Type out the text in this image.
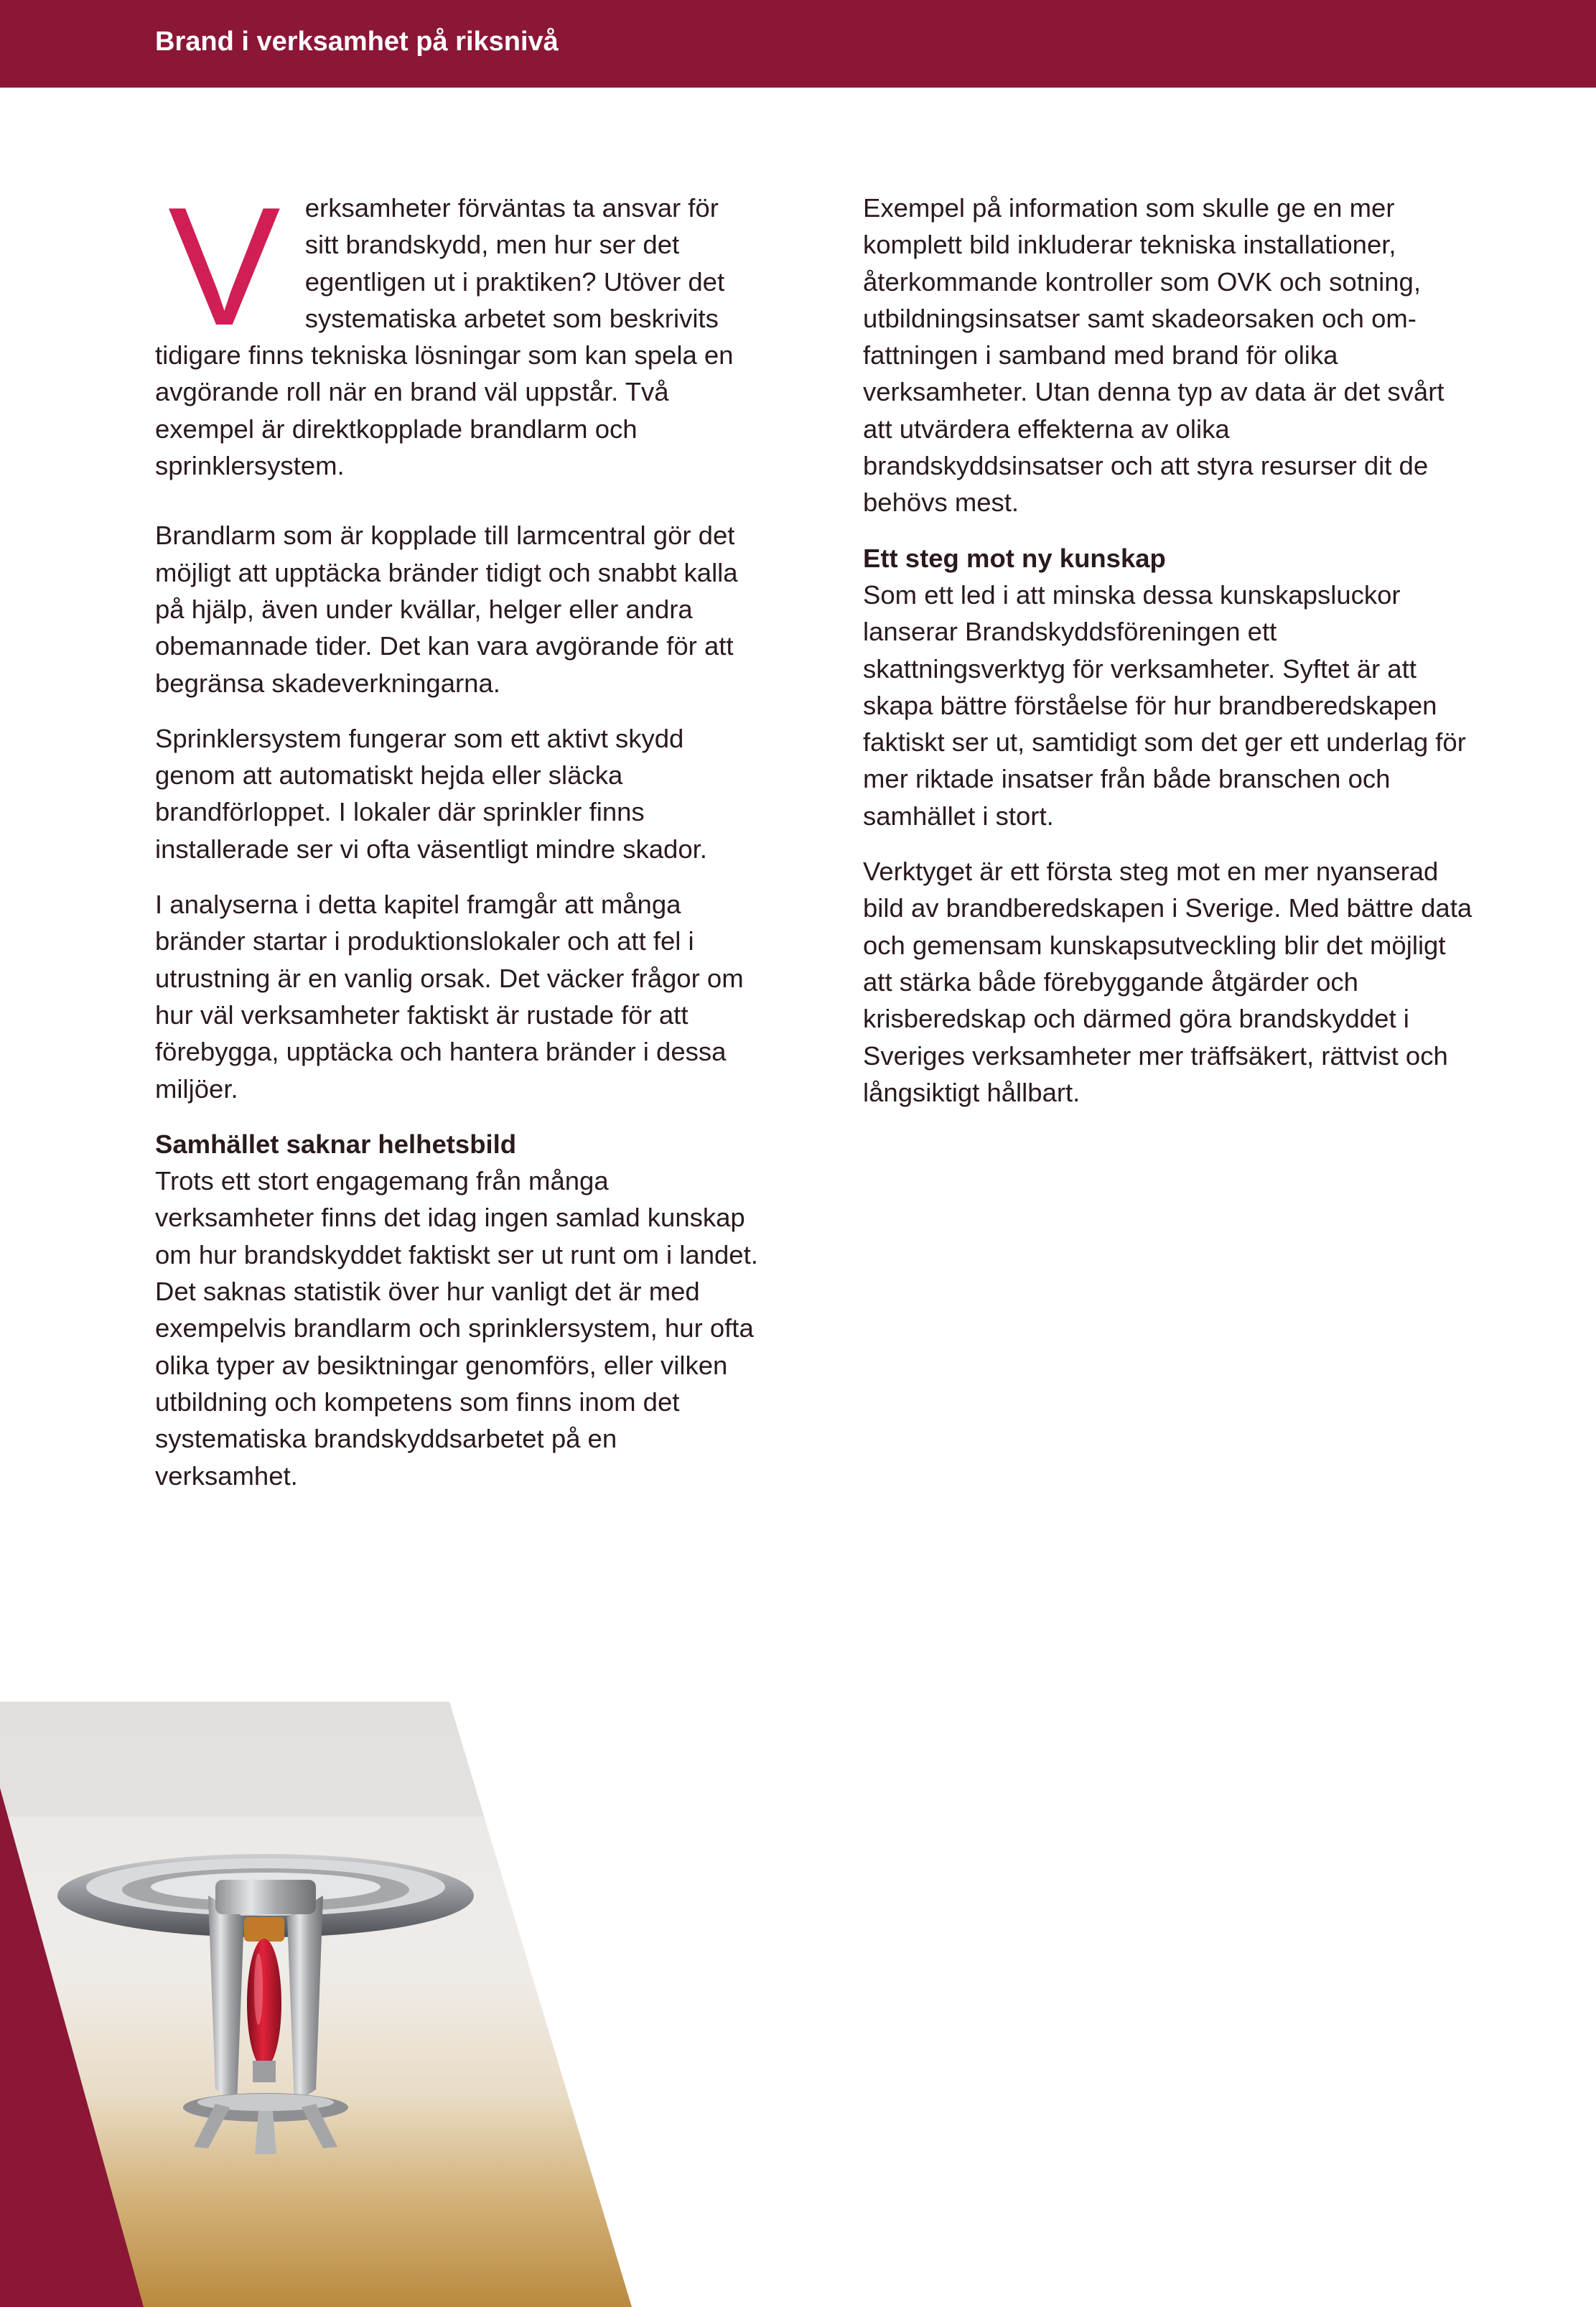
Brand i verksamhet på riksnivå

Verksamheter förväntas ta ansvar för sitt brandskydd, men hur ser det egentligen ut i praktiken? Utöver det systematiska arbetet som beskrivits tidigare finns tekniska lösningar som kan spela en avgörande roll när en brand väl uppstår. Två exempel är direktkopplade brandlarm och sprinklersystem.

Brandlarm som är kopplade till larmcentral gör det möjligt att upptäcka bränder tidigt och snabbt kalla på hjälp, även under kvällar, helger eller andra obemannade tider. Det kan vara avgörande för att begränsa skadeverkningarna.

Sprinklersystem fungerar som ett aktivt skydd genom att automatiskt hejda eller släcka brandförloppet. I lokaler där sprinkler finns installerade ser vi ofta väsentligt mindre skador.

I analyserna i detta kapitel framgår att många bränder startar i produktionslokaler och att fel i utrustning är en vanlig orsak. Det väcker frågor om hur väl verksamheter faktiskt är rustade för att förebygga, upptäcka och hantera bränder i dessa miljöer.

Samhället saknar helhetsbild

Trots ett stort engagemang från många verksamheter finns det idag ingen samlad kunskap om hur brandskyddet faktiskt ser ut runt om i landet. Det saknas statistik över hur vanligt det är med exempelvis brandlarm och sprinklersystem, hur ofta olika typer av besiktningar genomförs, eller vilken utbildning och kompetens som finns inom det systematiska brandskyddsarbetet på en verksamhet.

Exempel på information som skulle ge en mer komplett bild inkluderar tekniska installationer, återkommande kontroller som OVK och sotning, utbildningsinsatser samt skadeorsaken och omfattningen i samband med brand för olika verksamheter. Utan denna typ av data är det svårt att utvärdera effekterna av olika brandskyddsinsatser och att styra resurser dit de behövs mest.

Ett steg mot ny kunskap

Som ett led i att minska dessa kunskapsluckor lanserar Brandskyddsföreningen ett skattningsverktyg för verksamheter. Syftet är att skapa bättre förståelse för hur brandberedskapen faktiskt ser ut, samtidigt som det ger ett underlag för mer riktade insatser från både branschen och samhället i stort.

Verktyget är ett första steg mot en mer nyanserad bild av brandberedskapen i Sverige. Med bättre data och gemensam kunskapsutveckling blir det möjligt att stärka både förebyggande åtgärder och krisberedskap och därmed göra brandskyddet i Sveriges verksamheter mer träffsäkert, rättvist och långsiktigt hållbart.
